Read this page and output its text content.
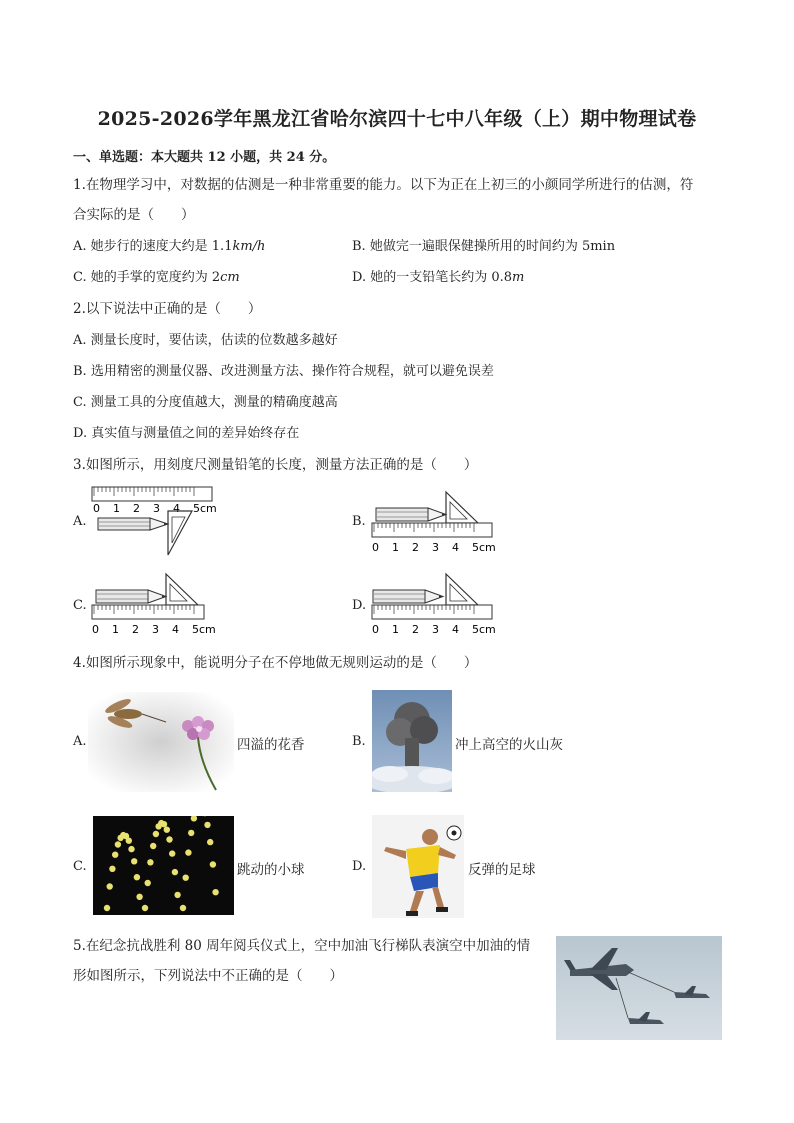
2025-2026学年黑龙江省哈尔滨四十七中八年级（上）期中物理试卷
一、单选题：本大题共 12 小题，共 24 分。
1.在物理学习中，对数据的估测是一种非常重要的能力。以下为正在上初三的小颜同学所进行的估测，符
合实际的是（　　）
A. 她步行的速度大约是 1.1km/h	B. 她做完一遍眼保健操所用的时间约为 5min
C. 她的手掌的宽度约为 2cm	D. 她的一支铅笔长约为 0.8m
2.以下说法中正确的是（　　）
A. 测量长度时，要估读，估读的位数越多越好
B. 选用精密的测量仪器、改进测量方法、操作符合规程，就可以避免误差
C. 测量工具的分度值越大，测量的精确度越高
D. 真实值与测量值之间的差异始终存在
3.如图所示，用刻度尺测量铅笔的长度，测量方法正确的是（　　）
A.	B.
C.	D.
0 1 2 3 4 5cm
0 1 2 3 4 5cm
0 1 2 3 4 5cm	0 1 2 3 4 5cm
4.如图所示现象中，能说明分子在不停地做无规则运动的是（　　）
A.	四溢的花香	B.	冲上高空的火山灰
C.	跳动的小球	D.	反弹的足球
5.在纪念抗战胜利 80 周年阅兵仪式上，空中加油飞行梯队表演空中加油的情
形如图所示，下列说法中不正确的是（　　）
